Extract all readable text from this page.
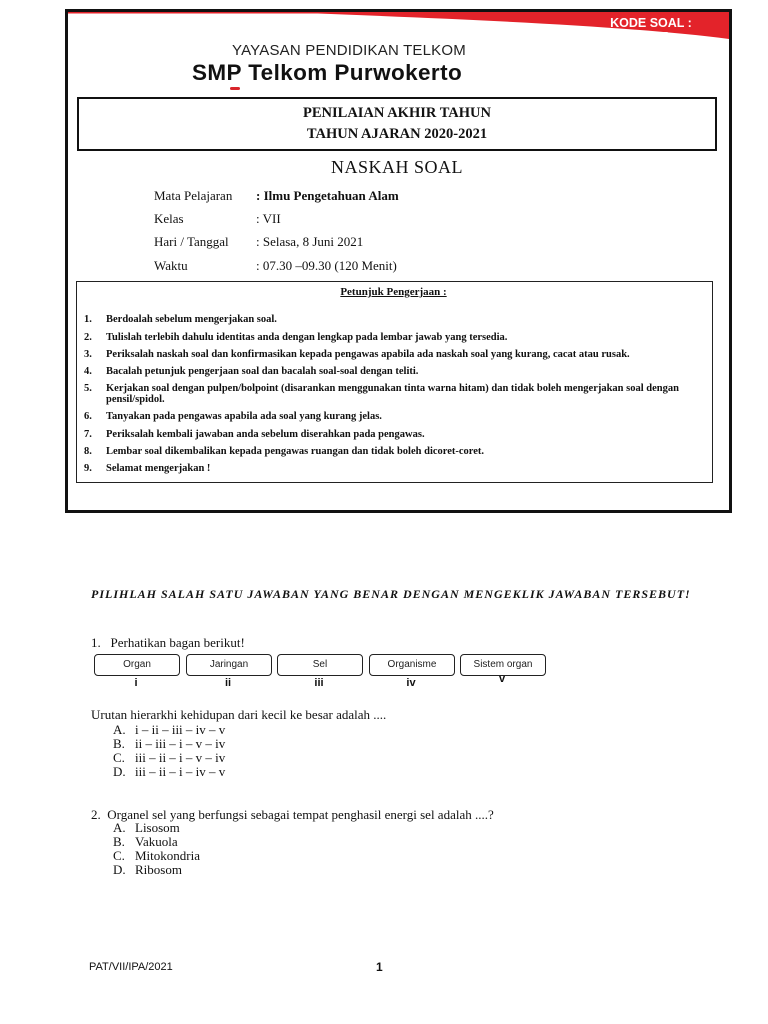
KODE SOAL :
7/PAT
YAYASAN PENDIDIKAN TELKOM
SMP Telkom Purwokerto
PENILAIAN AKHIR TAHUN
TAHUN AJARAN 2020-2021
NASKAH SOAL
Mata Pelajaran : Ilmu Pengetahuan Alam
Kelas	: VII
Hari / Tanggal : Selasa, 8 Juni 2021
Waktu	: 07.30 –09.30 (120 Menit)
Petunjuk Pengerjaan :
1.	Berdoalah sebelum mengerjakan soal.
2.	Tulislah terlebih dahulu identitas anda dengan lengkap pada lembar jawab yang tersedia.
3.	Periksalah naskah soal dan konfirmasikan kepada pengawas apabila ada naskah soal yang kurang, cacat atau rusak.
4.	Bacalah petunjuk pengerjaan soal dan bacalah soal-soal dengan teliti.
5.	Kerjakan soal dengan pulpen/bolpoint (disarankan menggunakan tinta warna hitam) dan tidak boleh mengerjakan soal dengan pensil/spidol.
6.	Tanyakan pada pengawas apabila ada soal yang kurang jelas.
7.	Periksalah kembali jawaban anda sebelum diserahkan pada pengawas.
8.	Lembar soal dikembalikan kepada pengawas ruangan dan tidak boleh dicoret-coret.
9.	Selamat mengerjakan !
PILIHLAH SALAH SATU JAWABAN YANG BENAR DENGAN MENGEKLIK JAWABAN TERSEBUT!
1.   Perhatikan bagan berikut!
Organ	Jaringan	Sel	Organisme	Sistem organ
i	ii	iii	iv	v
Urutan hierarkhi kehidupan dari kecil ke besar adalah ....
A. i – ii – iii – iv – v
B. ii – iii – i – v – iv
C. iii – ii – i – v – iv
D. iii – ii – i – iv – v
2.  Organel sel yang berfungsi sebagai tempat penghasil energi sel adalah ....?
A. Lisosom
B. Vakuola
C. Mitokondria
D. Ribosom
PAT/VII/IPA/2021	1
